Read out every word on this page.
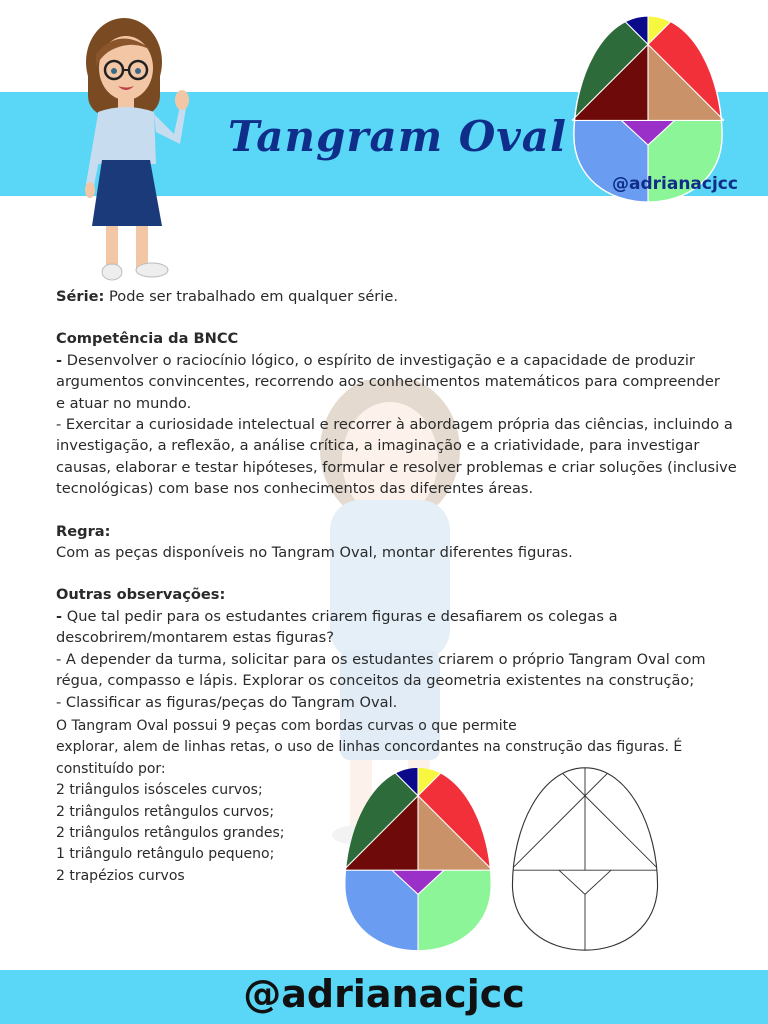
Tangram Oval
@adrianacjcc

Série: Pode ser trabalhado em qualquer série.

Competência da BNCC

- Desenvolver o raciocínio lógico, o espírito de investigação e a capacidade de produzir

argumentos convincentes, recorrendo aos conhecimentos matemáticos para compreender

e atuar no mundo.

- Exercitar a curiosidade intelectual e recorrer à abordagem própria das ciências, incluindo a

investigação, a reflexão, a análise crítica, a imaginação e a criatividade, para investigar

causas, elaborar e testar hipóteses, formular e resolver problemas e criar soluções (inclusive

tecnológicas) com base nos conhecimentos das diferentes áreas.

Regra:

Com as peças disponíveis no Tangram Oval, montar diferentes figuras.

Outras observações:

- Que tal pedir para os estudantes criarem figuras e desafiarem os colegas a

descobrirem/montarem estas figuras?

- A depender da turma, solicitar para os estudantes criarem o próprio Tangram Oval com

régua, compasso e lápis. Explorar os conceitos da geometria existentes na construção;

- Classificar as figuras/peças do Tangram Oval.

O Tangram Oval possui 9 peças com bordas curvas o que permite
explorar, alem de linhas retas, o uso de linhas concordantes na construção das figuras. É
constituído por:
2 triângulos isósceles curvos;
2 triângulos retângulos curvos;
2 triângulos retângulos grandes;
1 triângulo retângulo pequeno;
2 trapézios curvos
@adrianacjcc
